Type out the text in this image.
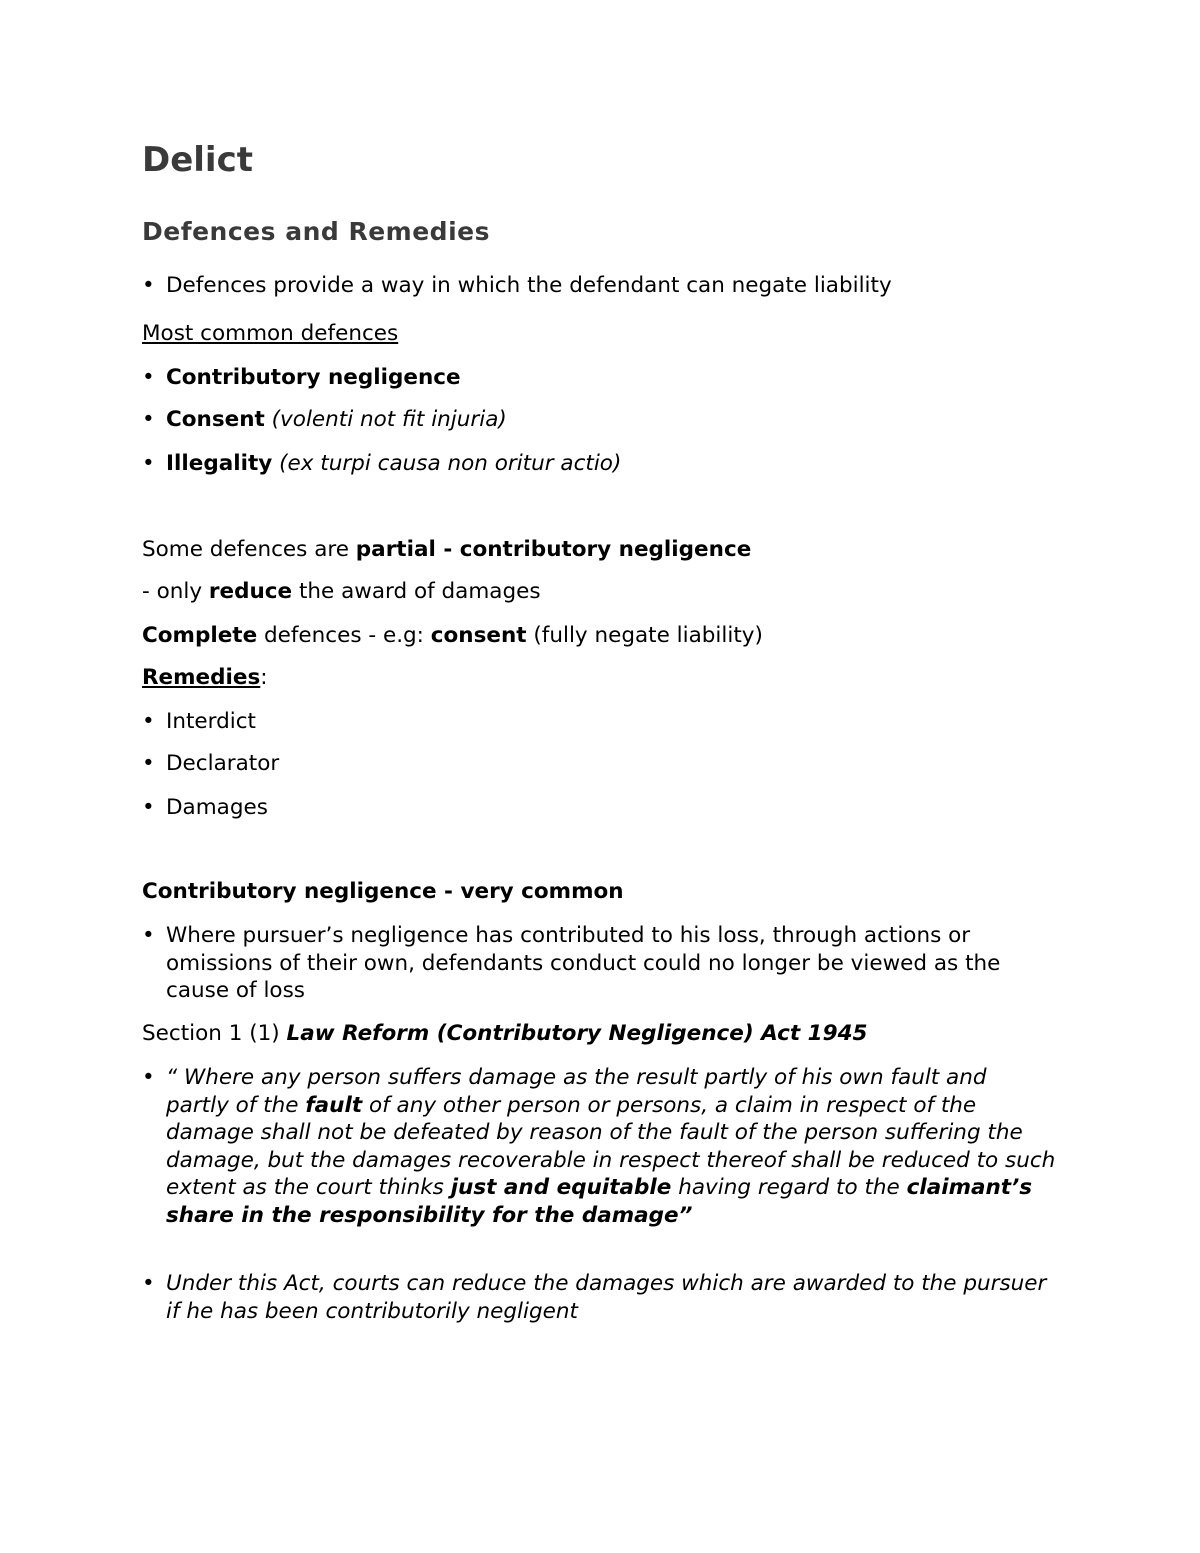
Delict
Defences and Remedies
• Defences provide a way in which the defendant can negate liability
Most common defences
• Contributory negligence
• Consent (volenti not fit injuria)
• Illegality (ex turpi causa non oritur actio)
Some defences are partial - contributory negligence
- only reduce the award of damages
Complete defences - e.g: consent (fully negate liability)
Remedies:
• Interdict
• Declarator
• Damages
Contributory negligence - very common
• Where pursuer’s negligence has contributed to his loss, through actions or omissions of their own, defendants conduct could no longer be viewed as the cause of loss
Section 1 (1) Law Reform (Contributory Negligence) Act 1945
• “ Where any person suffers damage as the result partly of his own fault and partly of the fault of any other person or persons, a claim in respect of the damage shall not be defeated by reason of the fault of the person suffering the damage, but the damages recoverable in respect thereof shall be reduced to such extent as the court thinks just and equitable having regard to the claimant’s share in the responsibility for the damage”
• Under this Act, courts can reduce the damages which are awarded to the pursuer if he has been contributorily negligent
